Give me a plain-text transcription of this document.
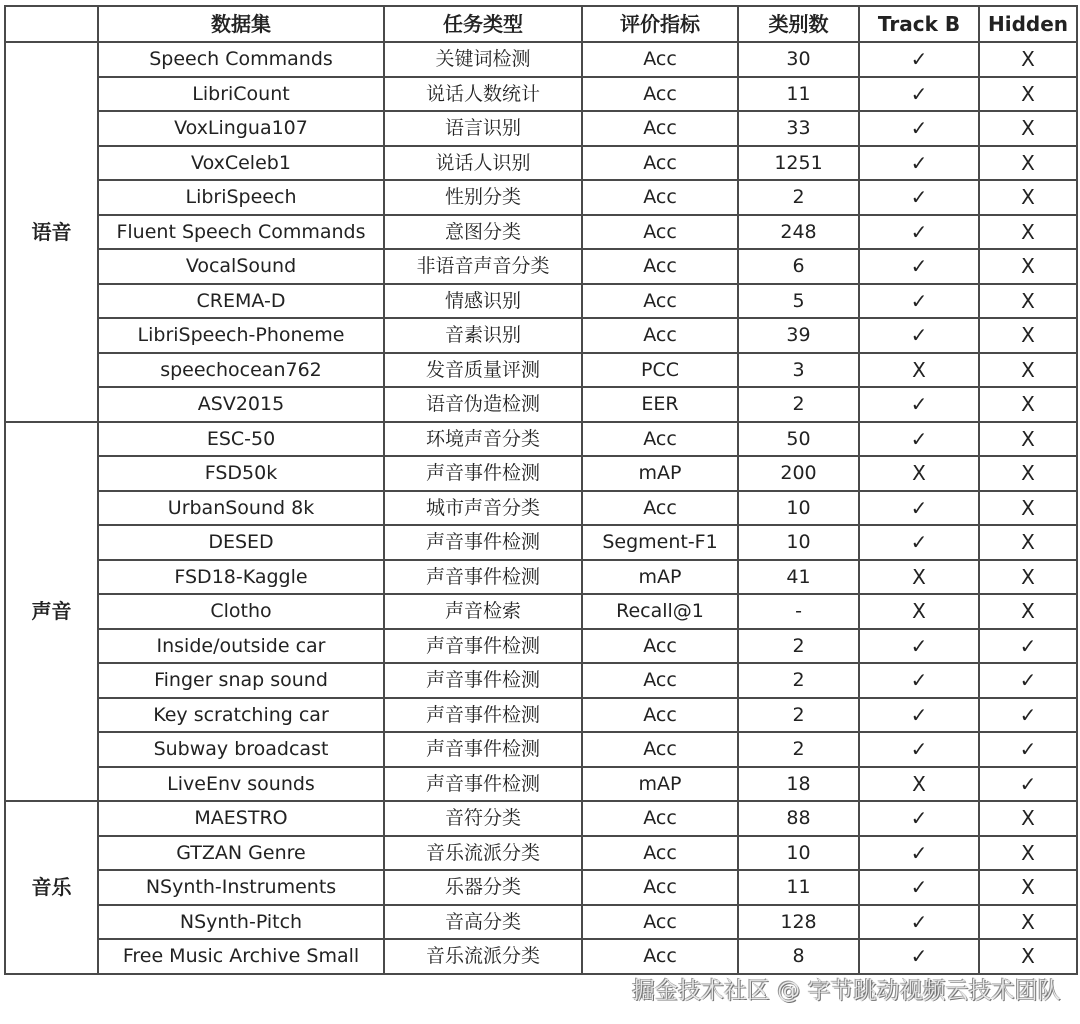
	数据集	任务类型	评价指标	类别数	Track B	Hidden
语音	Speech Commands	关键词检测	Acc	30	✓	X
	LibriCount	说话人数统计	Acc	11	✓	X
	VoxLingua107	语言识别	Acc	33	✓	X
	VoxCeleb1	说话人识别	Acc	1251	✓	X
	LibriSpeech	性别分类	Acc	2	✓	X
	Fluent Speech Commands	意图分类	Acc	248	✓	X
	VocalSound	非语音声音分类	Acc	6	✓	X
	CREMA-D	情感识别	Acc	5	✓	X
	LibriSpeech-Phoneme	音素识别	Acc	39	✓	X
	speechocean762	发音质量评测	PCC	3	X	X
	ASV2015	语音伪造检测	EER	2	✓	X
声音	ESC-50	环境声音分类	Acc	50	✓	X
	FSD50k	声音事件检测	mAP	200	X	X
	UrbanSound 8k	城市声音分类	Acc	10	✓	X
	DESED	声音事件检测	Segment-F1	10	✓	X
	FSD18-Kaggle	声音事件检测	mAP	41	X	X
	Clotho	声音检索	Recall@1	-	X	X
	Inside/outside car	声音事件检测	Acc	2	✓	✓
	Finger snap sound	声音事件检测	Acc	2	✓	✓
	Key scratching car	声音事件检测	Acc	2	✓	✓
	Subway broadcast	声音事件检测	Acc	2	✓	✓
	LiveEnv sounds	声音事件检测	mAP	18	X	✓
音乐	MAESTRO	音符分类	Acc	88	✓	X
	GTZAN Genre	音乐流派分类	Acc	10	✓	X
	NSynth-Instruments	乐器分类	Acc	11	✓	X
	NSynth-Pitch	音高分类	Acc	128	✓	X
	Free Music Archive Small	音乐流派分类	Acc	8	✓	X
掘金技术社区 @ 字节跳动视频云技术团队
